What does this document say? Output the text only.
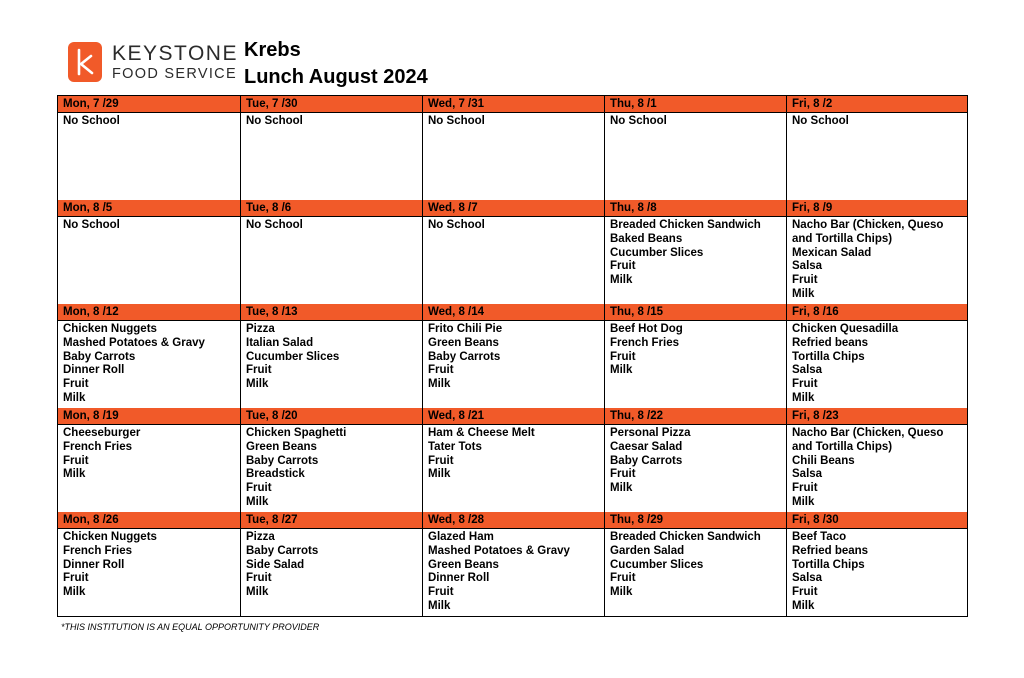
KEYSTONE
FOOD SERVICE
Krebs
Lunch August 2024
Mon, 7 /29
No School
Tue, 7 /30
No School
Wed, 7 /31
No School
Thu, 8 /1
No School
Fri, 8 /2
No School
Mon, 8 /5
No School
Tue, 8 /6
No School
Wed, 8 /7
No School
Thu, 8 /8
Breaded Chicken Sandwich
Baked Beans
Cucumber Slices
Fruit
Milk
Fri, 8 /9
Nacho Bar (Chicken, Queso
and Tortilla Chips)
Mexican Salad
Salsa
Fruit
Milk
Mon, 8 /12
Chicken Nuggets
Mashed Potatoes & Gravy
Baby Carrots
Dinner Roll
Fruit
Milk
Tue, 8 /13
Pizza
Italian Salad
Cucumber Slices
Fruit
Milk
Wed, 8 /14
Frito Chili Pie
Green Beans
Baby Carrots
Fruit
Milk
Thu, 8 /15
Beef Hot Dog
French Fries
Fruit
Milk
Fri, 8 /16
Chicken Quesadilla
Refried beans
Tortilla Chips
Salsa
Fruit
Milk
Mon, 8 /19
Cheeseburger
French Fries
Fruit
Milk
Tue, 8 /20
Chicken Spaghetti
Green Beans
Baby Carrots
Breadstick
Fruit
Milk
Wed, 8 /21
Ham & Cheese Melt
Tater Tots
Fruit
Milk
Thu, 8 /22
Personal Pizza
Caesar Salad
Baby Carrots
Fruit
Milk
Fri, 8 /23
Nacho Bar (Chicken, Queso
and Tortilla Chips)
Chili Beans
Salsa
Fruit
Milk
Mon, 8 /26
Chicken Nuggets
French Fries
Dinner Roll
Fruit
Milk
Tue, 8 /27
Pizza
Baby Carrots
Side Salad
Fruit
Milk
Wed, 8 /28
Glazed Ham
Mashed Potatoes & Gravy
Green Beans
Dinner Roll
Fruit
Milk
Thu, 8 /29
Breaded Chicken Sandwich
Garden Salad
Cucumber Slices
Fruit
Milk
Fri, 8 /30
Beef Taco
Refried beans
Tortilla Chips
Salsa
Fruit
Milk
*THIS INSTITUTION IS AN EQUAL OPPORTUNITY PROVIDER
